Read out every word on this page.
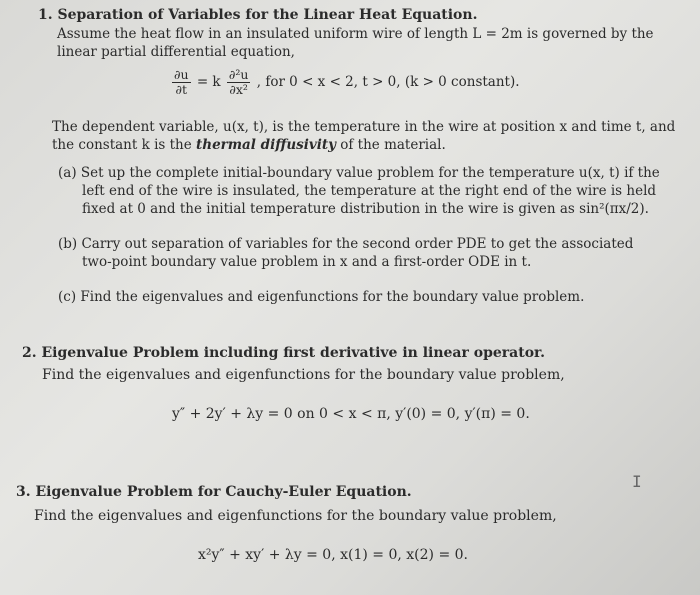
1. Separation of Variables for the Linear Heat Equation.
Assume the heat flow in an insulated uniform wire of length L = 2m is governed by the
linear partial differential equation,
$\frac{\partial u}{\partial t} = k \frac{\text{∂²u}}{\text{∂x²}}$ , for 0 < x < 2, t > 0, (k > 0 constant).
The dependent variable, u(x, t), is the temperature in the wire at position x and time t, and
the constant k is the thermal diffusivity of the material.
(a) Set up the complete initial-boundary value problem for the temperature u(x, t) if the
left end of the wire is insulated, the temperature at the right end of the wire is held
fixed at 0 and the initial temperature distribution in the wire is given as sin²(πx/2).
(b) Carry out separation of variables for the second order PDE to get the associated
two-point boundary value problem in x and a first-order ODE in t.
(c) Find the eigenvalues and eigenfunctions for the boundary value problem.
2. Eigenvalue Problem including first derivative in linear operator.
Find the eigenvalues and eigenfunctions for the boundary value problem,
y″ + 2y′ + λy = 0 on 0 < x < π, y′(0) = 0, y′(π) = 0.
3. Eigenvalue Problem for Cauchy-Euler Equation.
Find the eigenvalues and eigenfunctions for the boundary value problem,
x²y″ + xy′ + λy = 0, x(1) = 0, x(2) = 0.
I
